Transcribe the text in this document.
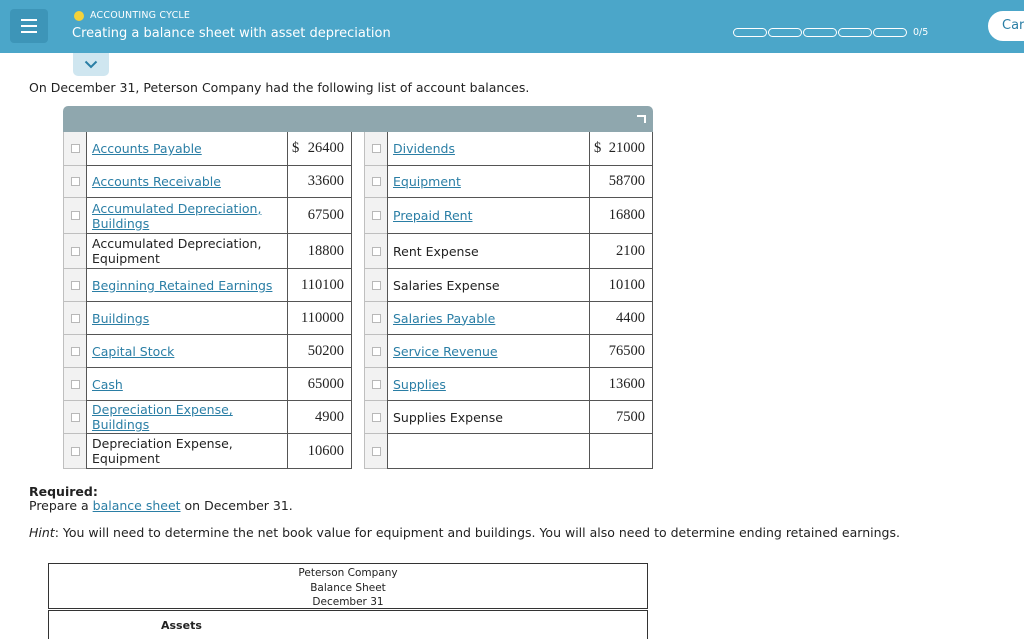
ACCOUNTING CYCLE
Creating a balance sheet with asset depreciation	0/5	Car
On December 31, Peterson Company had the following list of account balances.
Accounts Payable	$ 26400
Accounts Receivable	33600
Accumulated Depreciation, Buildings	67500
Accumulated Depreciation, Equipment	18800
Beginning Retained Earnings 110100
Buildings	110000
Capital Stock	50200
Cash	65000
Depreciation Expense, Buildings	4900
Depreciation Expense, Equipment	10600
Dividends	$ 21000
Equipment	58700
Prepaid Rent	16800
Rent Expense	2100
Salaries Expense	10100
Salaries Payable	4400
Service Revenue	76500
Supplies	13600
Supplies Expense	7500
Required:
Prepare a balance sheet on December 31.
Hint: You will need to determine the net book value for equipment and buildings. You will also need to determine ending retained earnings.
Peterson Company
Balance Sheet
December 31
Assets
